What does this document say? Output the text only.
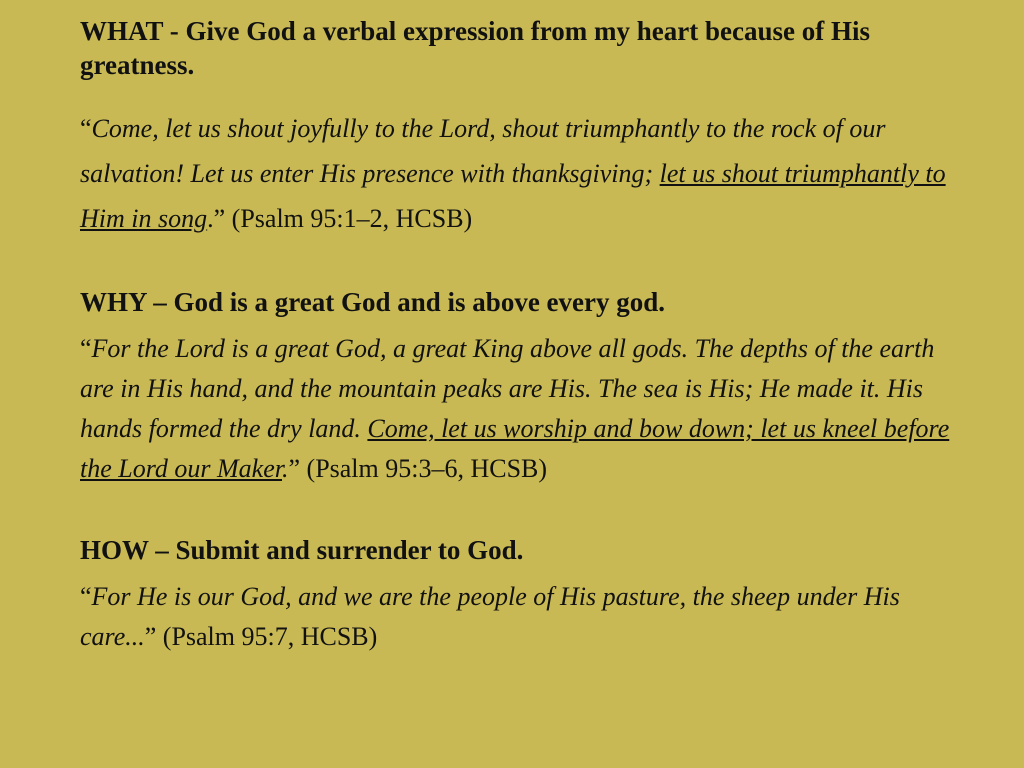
WHAT - Give God a verbal expression from my heart because of His greatness.

“Come, let us shout joyfully to the Lord, shout triumphantly to the rock of our salvation! Let us enter His presence with thanksgiving; let us shout triumphantly to Him in song.” (Psalm 95:1–2, HCSB)

WHY – God is a great God and is above every god.

“For the Lord is a great God, a great King above all gods. The depths of the earth are in His hand, and the mountain peaks are His. The sea is His; He made it. His hands formed the dry land. Come, let us worship and bow down; let us kneel before the Lord our Maker.” (Psalm 95:3–6, HCSB)

HOW – Submit and surrender to God.

“For He is our God, and we are the people of His pasture, the sheep under His care...” (Psalm 95:7, HCSB)
